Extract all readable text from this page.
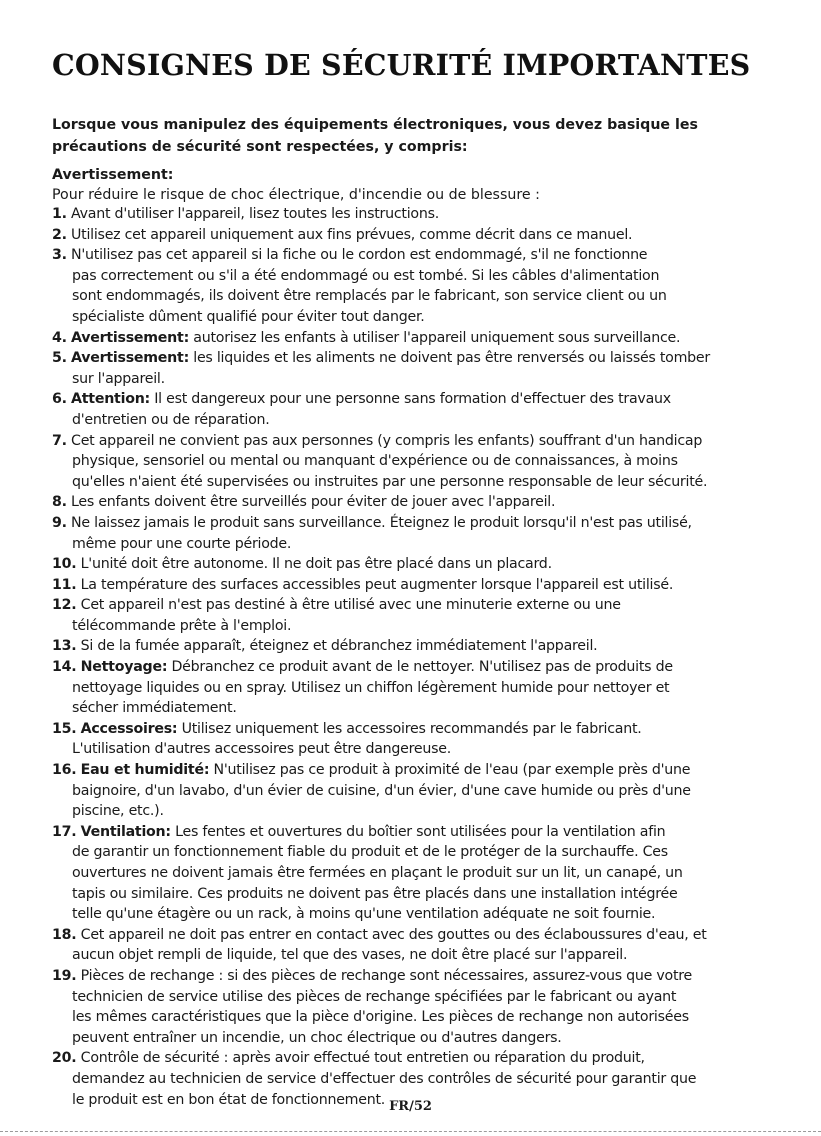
CONSIGNES DE SÉCURITÉ IMPORTANTES
Lorsque vous manipulez des équipements électroniques, vous devez basique les
précautions de sécurité sont respectées, y compris:
Avertissement:
Pour réduire le risque de choc électrique, d'incendie ou de blessure :
1. Avant d'utiliser l'appareil, lisez toutes les instructions.
2. Utilisez cet appareil uniquement aux fins prévues, comme décrit dans ce manuel.
3. N'utilisez pas cet appareil si la fiche ou le cordon est endommagé, s'il ne fonctionne
pas correctement ou s'il a été endommagé ou est tombé. Si les câbles d'alimentation
sont endommagés, ils doivent être remplacés par le fabricant, son service client ou un
spécialiste dûment qualifié pour éviter tout danger.
4. Avertissement: autorisez les enfants à utiliser l'appareil uniquement sous surveillance.
5. Avertissement: les liquides et les aliments ne doivent pas être renversés ou laissés tomber
sur l'appareil.
6. Attention: Il est dangereux pour une personne sans formation d'effectuer des travaux
d'entretien ou de réparation.
7. Cet appareil ne convient pas aux personnes (y compris les enfants) souffrant d'un handicap
physique, sensoriel ou mental ou manquant d'expérience ou de connaissances, à moins
qu'elles n'aient été supervisées ou instruites par une personne responsable de leur sécurité.
8. Les enfants doivent être surveillés pour éviter de jouer avec l'appareil.
9. Ne laissez jamais le produit sans surveillance. Éteignez le produit lorsqu'il n'est pas utilisé,
même pour une courte période.
10. L'unité doit être autonome. Il ne doit pas être placé dans un placard.
11. La température des surfaces accessibles peut augmenter lorsque l'appareil est utilisé.
12. Cet appareil n'est pas destiné à être utilisé avec une minuterie externe ou une
télécommande prête à l'emploi.
13. Si de la fumée apparaît, éteignez et débranchez immédiatement l'appareil.
14. Nettoyage: Débranchez ce produit avant de le nettoyer. N'utilisez pas de produits de
nettoyage liquides ou en spray. Utilisez un chiffon légèrement humide pour nettoyer et
sécher immédiatement.
15. Accessoires: Utilisez uniquement les accessoires recommandés par le fabricant.
L'utilisation d'autres accessoires peut être dangereuse.
16. Eau et humidité: N'utilisez pas ce produit à proximité de l'eau (par exemple près d'une
baignoire, d'un lavabo, d'un évier de cuisine, d'un évier, d'une cave humide ou près d'une
piscine, etc.).
17. Ventilation: Les fentes et ouvertures du boîtier sont utilisées pour la ventilation afin
de garantir un fonctionnement fiable du produit et de le protéger de la surchauffe. Ces
ouvertures ne doivent jamais être fermées en plaçant le produit sur un lit, un canapé, un
tapis ou similaire. Ces produits ne doivent pas être placés dans une installation intégrée
telle qu'une étagère ou un rack, à moins qu'une ventilation adéquate ne soit fournie.
18. Cet appareil ne doit pas entrer en contact avec des gouttes ou des éclaboussures d'eau, et
aucun objet rempli de liquide, tel que des vases, ne doit être placé sur l'appareil.
19. Pièces de rechange : si des pièces de rechange sont nécessaires, assurez-vous que votre
technicien de service utilise des pièces de rechange spécifiées par le fabricant ou ayant
les mêmes caractéristiques que la pièce d'origine. Les pièces de rechange non autorisées
peuvent entraîner un incendie, un choc électrique ou d'autres dangers.
20. Contrôle de sécurité : après avoir effectué tout entretien ou réparation du produit,
demandez au technicien de service d'effectuer des contrôles de sécurité pour garantir que
le produit est en bon état de fonctionnement. FR/52
